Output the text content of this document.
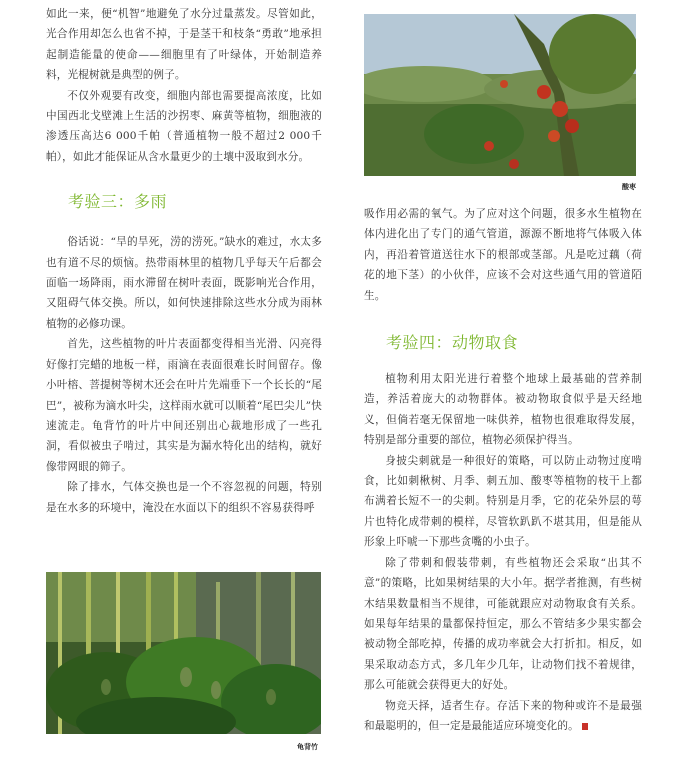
如此一来，便“机智”地避免了水分过量蒸发。尽管如此，光合作用却怎么也省不掉，于是茎干和枝条“勇敢”地承担起制造能量的使命——细胞里有了叶绿体，开始制造养料，光棍树就是典型的例子。

不仅外观要有改变，细胞内部也需要提高浓度，比如中国西北戈壁滩上生活的沙拐枣、麻黄等植物，细胞液的渗透压高达6 000千帕（普通植物一般不超过2 000千帕），如此才能保证从含水量更少的土壤中汲取到水分。

考验三：多雨

俗话说：“旱的旱死，涝的涝死。”缺水的难过，水太多也有道不尽的烦恼。热带雨林里的植物几乎每天午后都会面临一场降雨，雨水滞留在树叶表面，既影响光合作用，又阻碍气体交换。所以，如何快速排除这些水分成为雨林植物的必修功课。

首先，这些植物的叶片表面都变得相当光滑、闪亮得好像打完蜡的地板一样，雨滴在表面很难长时间留存。像小叶榕、菩提树等树木还会在叶片先端垂下一个长长的“尾巴”，被称为滴水叶尖，这样雨水就可以顺着“尾巴尖儿”快速流走。龟背竹的叶片中间还别出心裁地形成了一些孔洞，看似被虫子啃过，其实是为漏水特化出的结构，就好像带网眼的筛子。

除了排水，气体交换也是一个不容忽视的问题，特别是在水多的环境中，淹没在水面以下的组织不容易获得呼

龟背竹
酸枣

吸作用必需的氧气。为了应对这个问题，很多水生植物在体内进化出了专门的通气管道，源源不断地将气体吸入体内，再沿着管道送往水下的根部或茎部。凡是吃过藕（荷花的地下茎）的小伙伴，应该不会对这些通气用的管道陌生。

考验四：动物取食

植物利用太阳光进行着整个地球上最基础的营养制造，养活着庞大的动物群体。被动物取食似乎是天经地义，但倘若毫无保留地一味供养，植物也很难取得发展，特别是部分重要的部位，植物必须保护得当。

身披尖刺就是一种很好的策略，可以防止动物过度啃食，比如刺楸树、月季、刺五加、酸枣等植物的枝干上都布满着长短不一的尖刺。特别是月季，它的花朵外层的萼片也特化成带刺的模样，尽管软趴趴不堪其用，但是能从形象上吓唬一下那些贪嘴的小虫子。

除了带刺和假装带刺，有些植物还会采取“出其不意”的策略，比如果树结果的大小年。据学者推测，有些树木结果数量相当不规律，可能就跟应对动物取食有关系。如果每年结果的量都保持恒定，那么不管结多少果实都会被动物全部吃掉，传播的成功率就会大打折扣。相反，如果采取动态方式，多几年少几年，让动物们找不着规律，那么可能就会获得更大的好处。

物竞天择，适者生存。存活下来的物种或许不是最强和最聪明的，但一定是最能适应环境变化的。
